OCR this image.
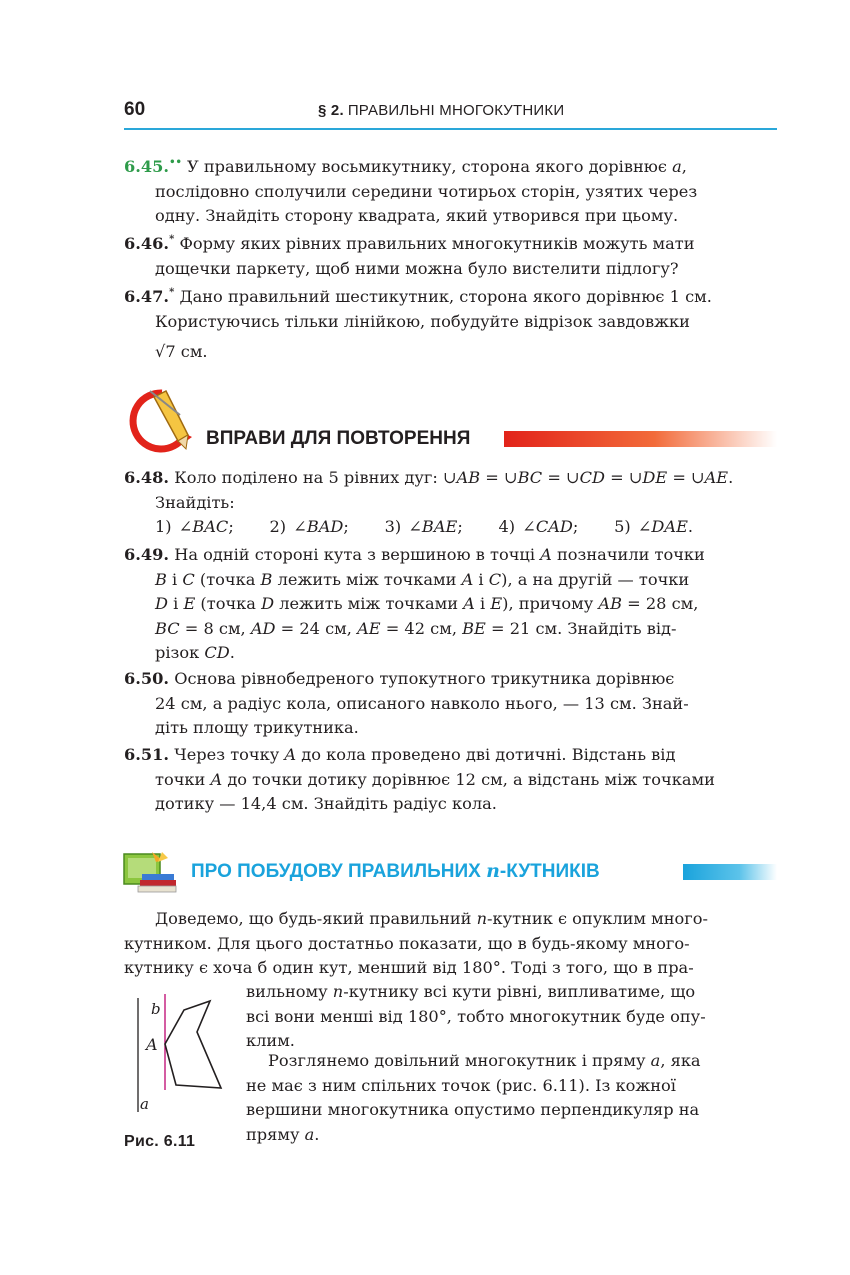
60	§ 2. ПРАВИЛЬНІ МНОГОКУТНИКИ
6.45.•• У правильному восьмикутнику, сторона якого дорівнює a,
послідовно сполучили середини чотирьох сторін, узятих через
одну. Знайдіть сторону квадрата, який утворився при цьому.
6.46.* Форму яких рівних правильних многокутників можуть мати
дощечки паркету, щоб ними можна було вистелити підлогу?
6.47.* Дано правильний шестикутник, сторона якого дорівнює 1 см.
Користуючись тільки лінійкою, побудуйте відрізок завдовжки
√7 см.
ВПРАВИ ДЛЯ ПОВТОРЕННЯ
6.48. Коло поділено на 5 рівних дуг: ∪AB = ∪BC = ∪CD = ∪DE = ∪AE.
Знайдіть:
1) ∠BAC;     2) ∠BAD;     3) ∠BAE;     4) ∠CAD;     5) ∠DAE.
6.49. На одній стороні кута з вершиною в точці A позначили точки
B і C (точка B лежить між точками A і C), а на другій — точки
D і E (точка D лежить між точками A і E), причому AB = 28 см,
BC = 8 см, AD = 24 см, AE = 42 см, BE = 21 см. Знайдіть від-
різок CD.
6.50. Основа рівнобедреного тупокутного трикутника дорівнює
24 см, а радіус кола, описаного навколо нього, — 13 см. Знай-
діть площу трикутника.
6.51. Через точку A до кола проведено дві дотичні. Відстань від
точки A до точки дотику дорівнює 12 см, а відстань між точками
дотику — 14,4 см. Знайдіть радіус кола.
ПРО ПОБУДОВУ ПРАВИЛЬНИХ n-КУТНИКІВ
Доведемо, що будь-який правильний n-кутник є опуклим много-
кутником. Для цього достатньо показати, що в будь-якому много-
кутнику є хоча б один кут, менший від 180°. Тоді з того, що в пра-
вильному n-кутнику всі кути рівні, випливатиме, що
всі вони менші від 180°, тобто многокутник буде опу-
клим.
Розглянемо довільний многокутник і пряму a, яка
не має з ним спільних точок (рис. 6.11). Із кожної
вершини многокутника опустимо перпендикуляр на
пряму a.
b
A
a
Рис. 6.11
